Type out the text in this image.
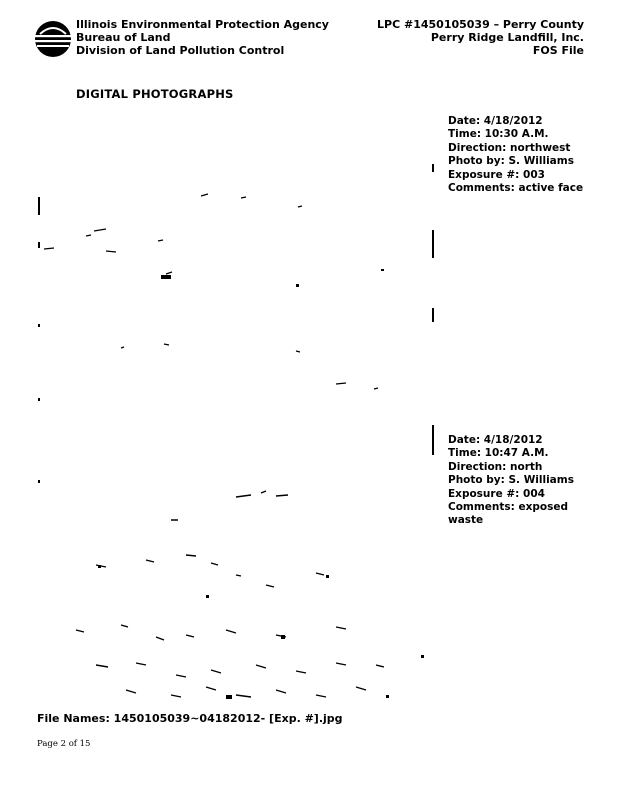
Illinois Environmental Protection Agency
Bureau of Land
Division of Land Pollution Control
LPC #1450105039 – Perry County
Perry Ridge Landfill, Inc.
FOS File
DIGITAL PHOTOGRAPHS
Date: 4/18/2012
Time: 10:30 A.M.
Direction: northwest
Photo by: S. Williams
Exposure #: 003
Comments: active face
Date: 4/18/2012
Time: 10:47 A.M.
Direction: north
Photo by: S. Williams
Exposure #: 004
Comments: exposed waste
File Names: 1450105039~04182012- [Exp. #].jpg
Page 2 of 15
